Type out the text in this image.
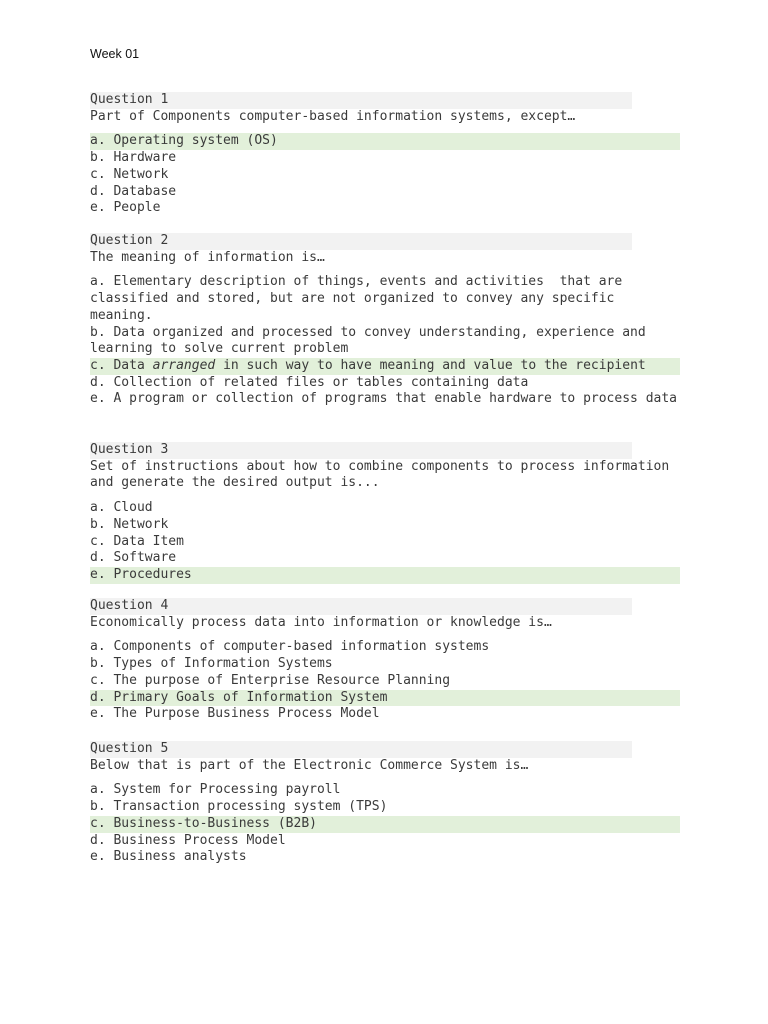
Week 01
Question 1
Part of Components computer-based information systems, except…
a. Operating system (OS)
b. Hardware
c. Network
d. Database
e. People
Question 2
The meaning of information is…
a. Elementary description of things, events and activities  that are classified and stored, but are not organized to convey any specific meaning.
b. Data organized and processed to convey understanding, experience and learning to solve current problem
c. Data arranged in such way to have meaning and value to the recipient
d. Collection of related files or tables containing data
e. A program or collection of programs that enable hardware to process data
Question 3
Set of instructions about how to combine components to process information and generate the desired output is...
a. Cloud
b. Network
c. Data Item
d. Software
e. Procedures
Question 4
Economically process data into information or knowledge is…
a. Components of computer-based information systems
b. Types of Information Systems
c. The purpose of Enterprise Resource Planning
d. Primary Goals of Information System
e. The Purpose Business Process Model
Question 5
Below that is part of the Electronic Commerce System is…
a. System for Processing payroll
b. Transaction processing system (TPS)
c. Business-to-Business (B2B)
d. Business Process Model
e. Business analysts
